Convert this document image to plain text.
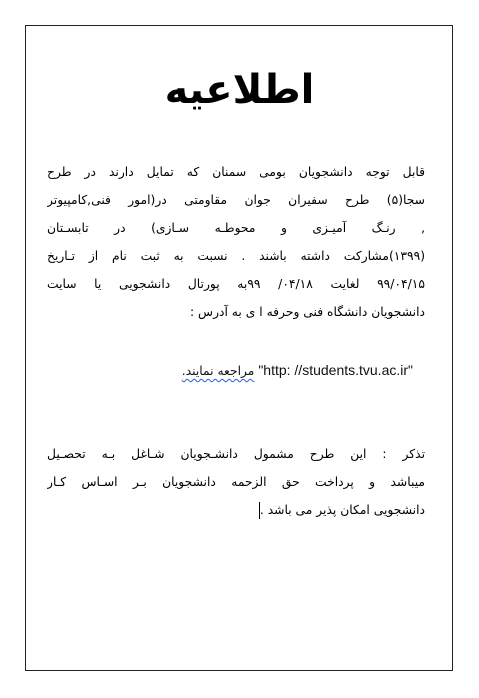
اطلاعیه
قابل توجه دانشجویان بومی سمنان که تمایل دارند در طرح
سجا(۵) طرح سفیران جوان مقاومتی در(امور فنی,کامپیوتر
, رنـگ آمیـزی و محوطـه سـازی) در تابسـتان
(۱۳۹۹)مشارکت داشته باشند . نسبت به ثبت نام از تـاریخ
۹۹/۰۴/۱۵ لغایت ۰۴/۱۸/ ۹۹به پورتال دانشجویی یا سایت
دانشجویان دانشگاه فنی وحرفه ا ی به آدرس :
"http: //students.tvu.ac.ir" مراجعه نمایند.
تذکر : این طرح مشمول دانشـجویان شـاغل بـه تحصـیل
میباشد و پرداخت حق الزحمه دانشجویان بـر اسـاس کـار
دانشجویی امکان پذیر می باشد .
